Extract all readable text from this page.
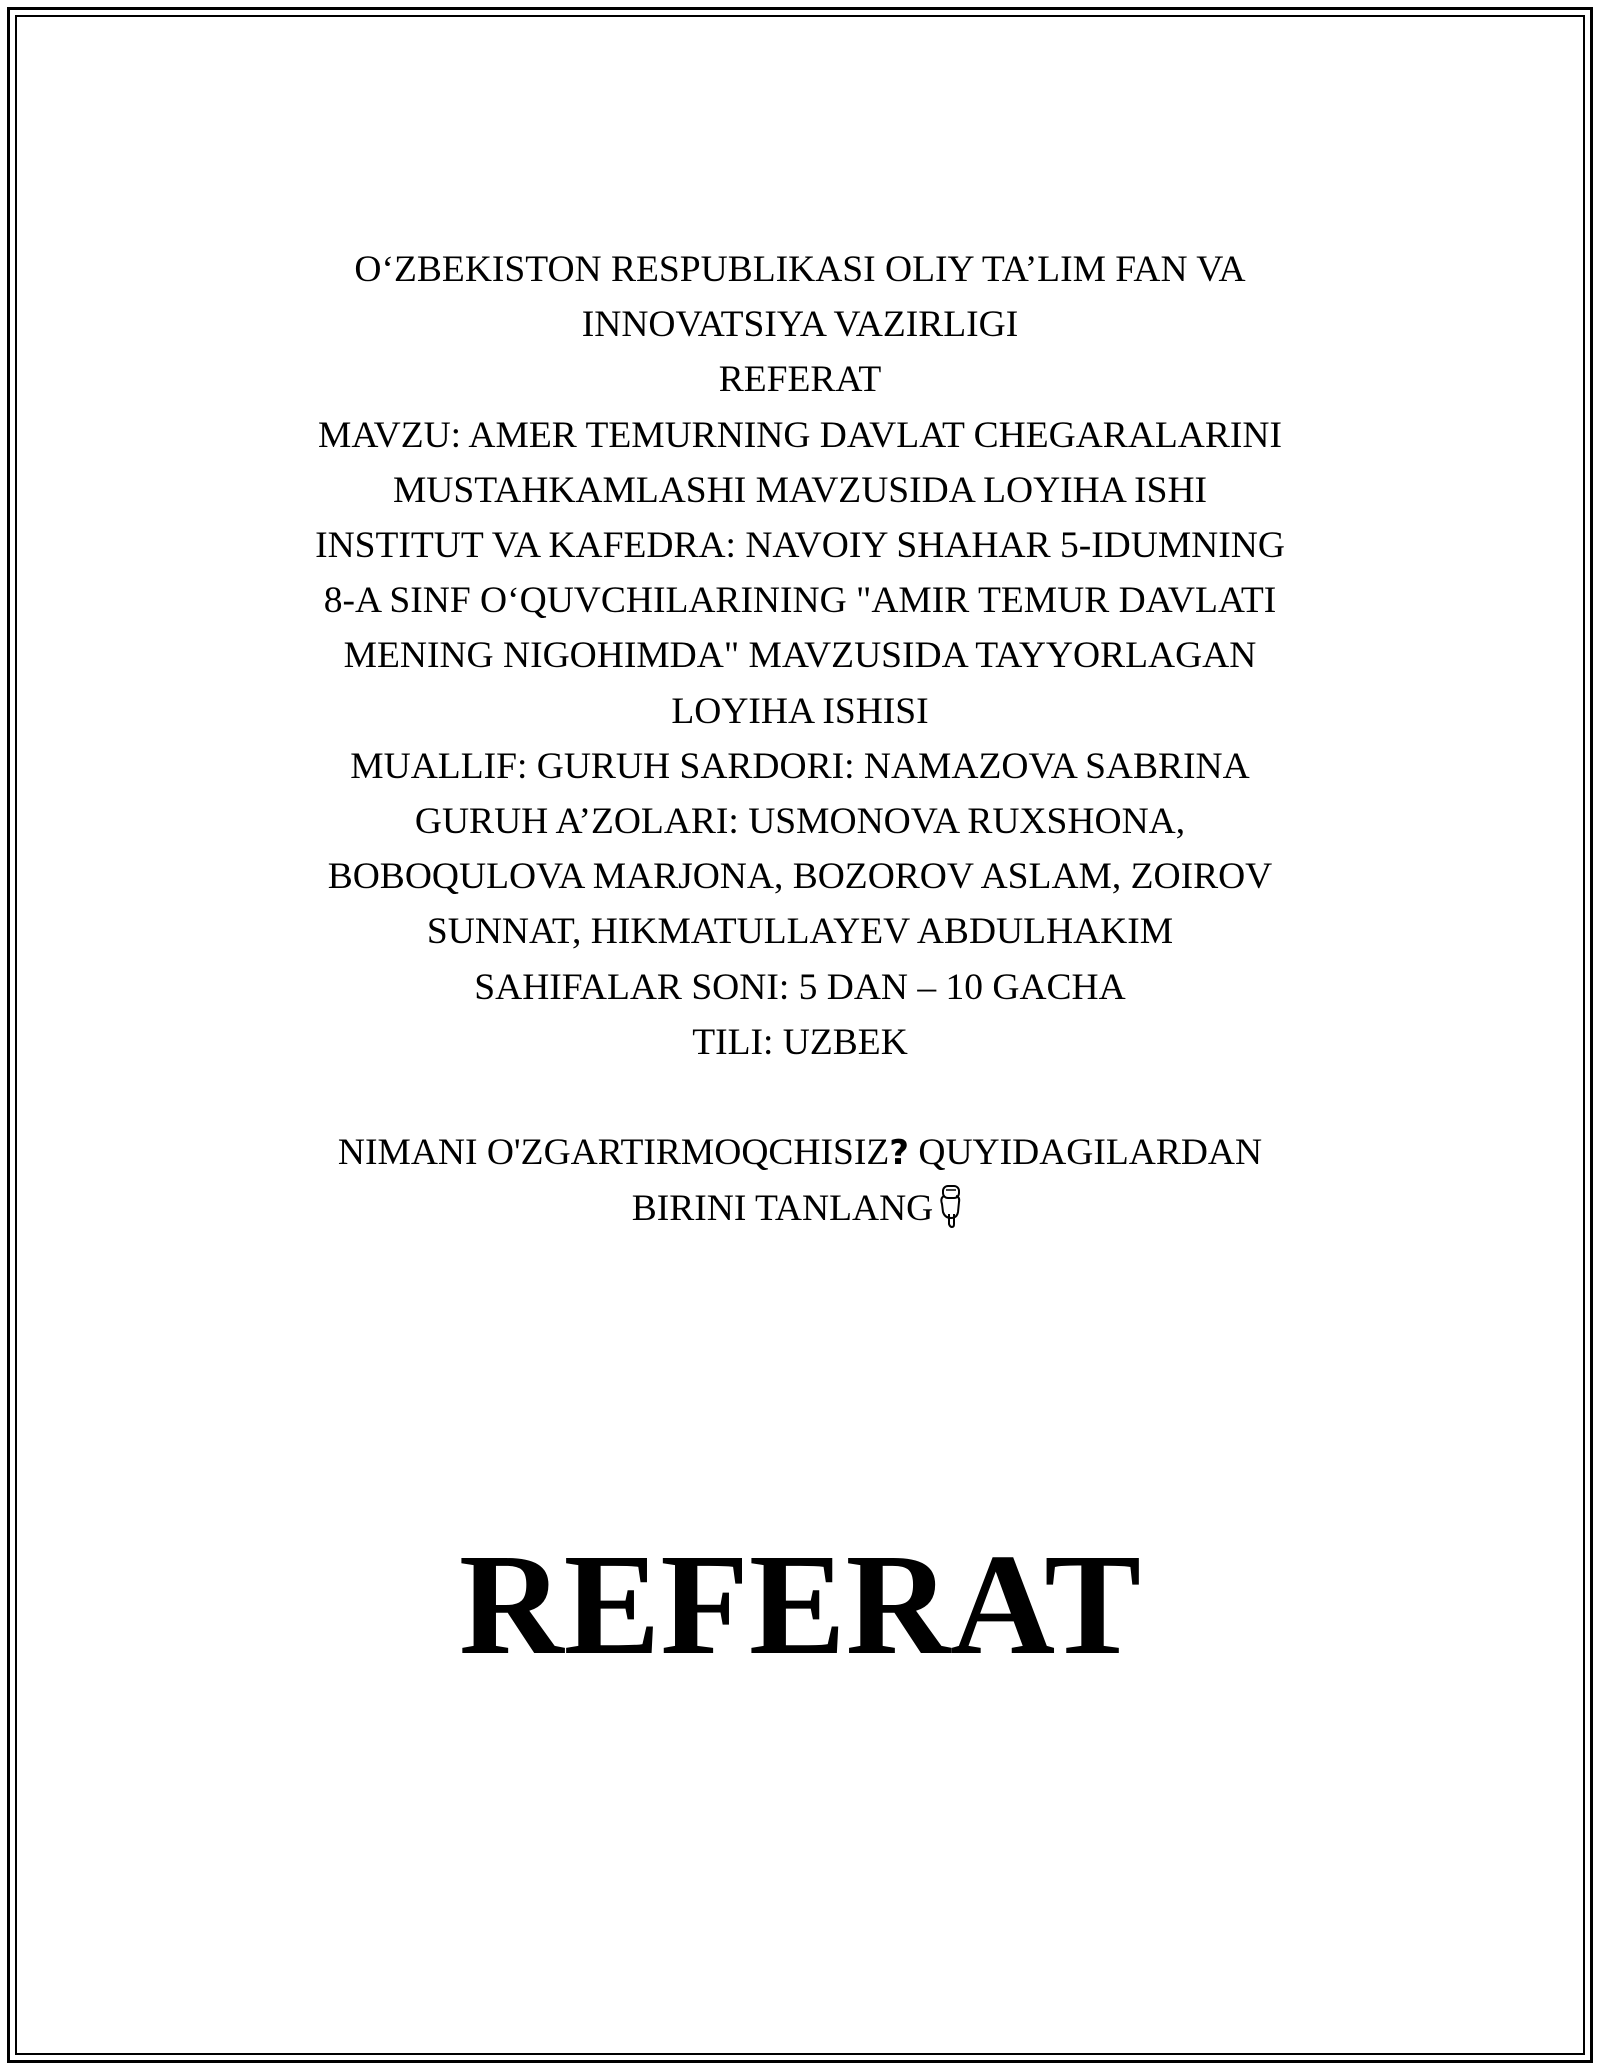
O‘ZBEKISTON RESPUBLIKASI OLIY TA’LIM FAN VA
INNOVATSIYA VAZIRLIGI
REFERAT
MAVZU: AMER TEMURNING DAVLAT CHEGARALARINI
MUSTAHKAMLASHI MAVZUSIDA LOYIHA ISHI
INSTITUT VA KAFEDRA: NAVOIY SHAHAR 5-IDUMNING
8-A SINF O‘QUVCHILARINING "AMIR TEMUR DAVLATI
MENING NIGOHIMDA" MAVZUSIDA TAYYORLAGAN
LOYIHA ISHISI
MUALLIF: GURUH SARDORI: NAMAZOVA SABRINA
GURUH A’ZOLARI: USMONOVA RUXSHONA,
BOBOQULOVA MARJONA, BOZOROV ASLAM, ZOIROV
SUNNAT, HIKMATULLAYEV ABDULHAKIM
SAHIFALAR SONI: 5 DAN – 10 GACHA
TILI: UZBEK
NIMANI O'ZGARTIRMOQCHISIZ? QUYIDAGILARDAN
BIRINI TANLANG
REFERAT
